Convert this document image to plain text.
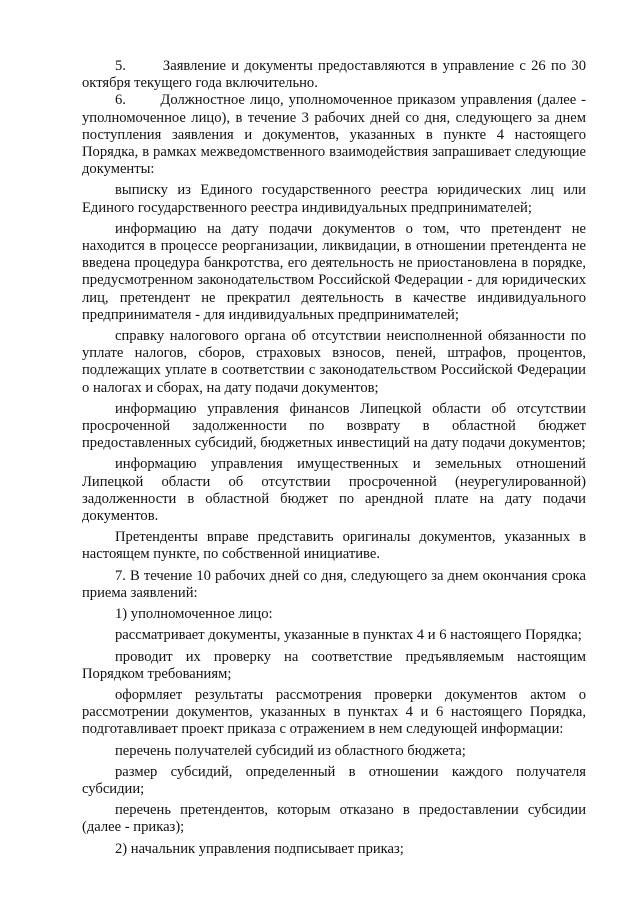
5.       Заявление и документы предоставляются в управление с 26 по 30 октября текущего года включительно.

6.       Должностное лицо, уполномоченное приказом управления (далее - уполномоченное лицо), в течение 3 рабочих дней со дня, следующего за днем поступления заявления и документов, указанных в пункте 4 настоящего Порядка, в рамках межведомственного взаимодействия запрашивает следующие документы:

выписку из Единого государственного реестра юридических лиц или Единого государственного реестра индивидуальных предпринимателей;

информацию на дату подачи документов о том, что претендент не находится в процессе реорганизации, ликвидации, в отношении претендента не введена процедура банкротства, его деятельность не приостановлена в порядке, предусмотренном законодательством Российской Федерации - для юридических лиц, претендент не прекратил деятельность в качестве индивидуального предпринимателя - для индивидуальных предпринимателей;

справку налогового органа об отсутствии неисполненной обязанности по уплате налогов, сборов, страховых взносов, пеней, штрафов, процентов, подлежащих уплате в соответствии с законодательством Российской Федерации о налогах и сборах, на дату подачи документов;

информацию управления финансов Липецкой области об отсутствии просроченной задолженности по возврату в областной бюджет предоставленных субсидий, бюджетных инвестиций на дату подачи документов;

информацию управления имущественных и земельных отношений Липецкой области об отсутствии просроченной (неурегулированной) задолженности в областной бюджет по арендной плате на дату подачи документов.

Претенденты вправе представить оригиналы документов, указанных в настоящем пункте, по собственной инициативе.

7. В течение 10 рабочих дней со дня, следующего за днем окончания срока приема заявлений:

1) уполномоченное лицо:

рассматривает документы, указанные в пунктах 4 и 6 настоящего Порядка;

проводит их проверку на соответствие предъявляемым настоящим Порядком требованиям;

оформляет результаты рассмотрения проверки документов актом о рассмотрении документов, указанных в пунктах 4 и 6 настоящего Порядка, подготавливает проект приказа с отражением в нем следующей информации:

перечень получателей субсидий из областного бюджета;

размер субсидий, определенный в отношении каждого получателя субсидии;

перечень претендентов, которым отказано в предоставлении субсидии (далее - приказ);

2) начальник управления подписывает приказ;
